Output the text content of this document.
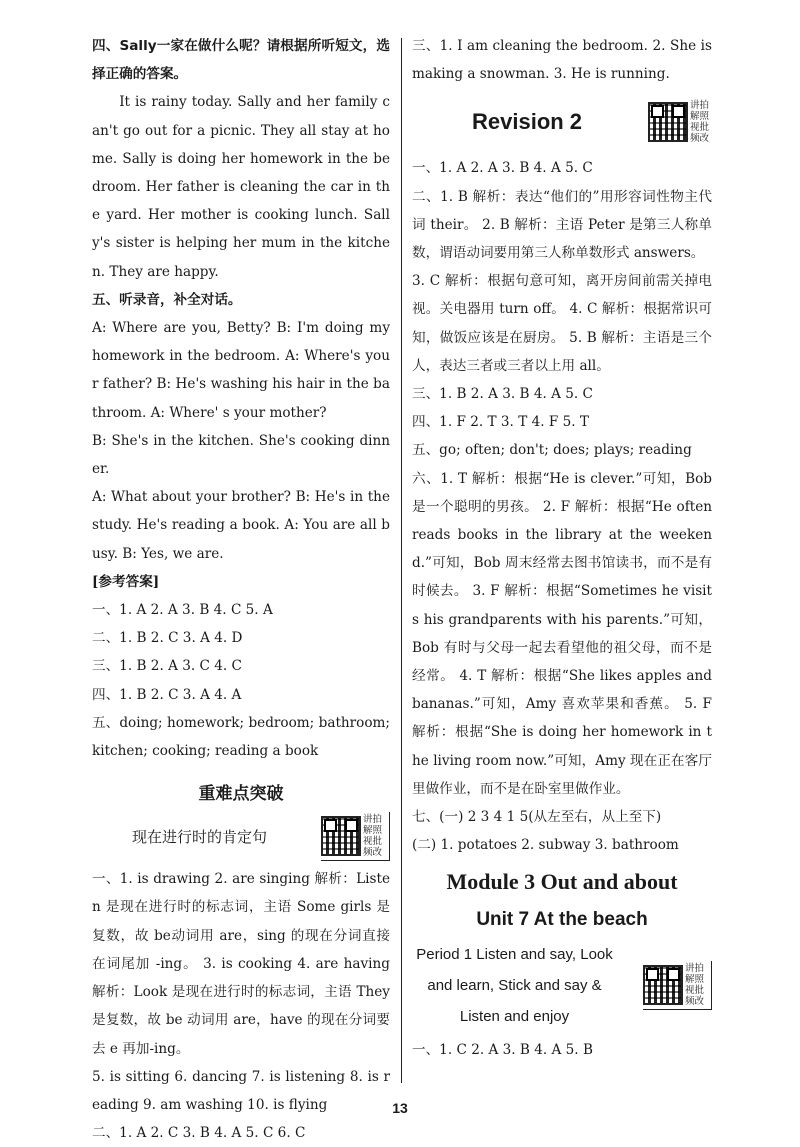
四、Sally一家在做什么呢？请根据所听短文，选择正确的答案。

It is rainy today. Sally and her family can't go out for a picnic. They all stay at home. Sally is doing her homework in the bedroom. Her father is cleaning the car in the yard. Her mother is cooking lunch. Sally's sister is helping her mum in the kitchen. They are happy.

五、听录音，补全对话。

A: Where are you, Betty? B: I'm doing my homework in the bedroom. A: Where's your father? B: He's washing his hair in the bathroom. A: Where' s your mother?

B: She's in the kitchen. She's cooking dinner.

A: What about your brother? B: He's in the study. He's reading a book. A: You are all busy. B: Yes, we are.

[参考答案]

一、1. A 2. A 3. B 4. C 5. A

二、1. B 2. C 3. A 4. D

三、1. B 2. A 3. C 4. C

四、1. B 2. C 3. A 4. A

五、doing; homework; bedroom; bathroom; kitchen; cooking; reading a book

重难点突破
现在进行时的肯定句
讲拍解照视批频改

一、1. is drawing 2. are singing 解析：Listen 是现在进行时的标志词，主语 Some girls 是复数，故 be动词用 are，sing 的现在分词直接在词尾加 -ing。 3. is cooking 4. are having 解析：Look 是现在进行时的标志词，主语 They 是复数，故 be 动词用 are，have 的现在分词要去 e 再加-ing。

5. is sitting 6. dancing 7. is listening 8. is reading 9. am washing 10. is flying

二、1. A 2. C 3. B 4. A 5. C 6. C

三、1. I am cleaning the bedroom. 2. She is making a snowman. 3. He is running.

Revision 2
讲拍解照视批频改

一、1. A 2. A 3. B 4. A 5. C

二、1. B 解析：表达“他们的”用形容词性物主代词 their。 2. B 解析：主语 Peter 是第三人称单数，谓语动词要用第三人称单数形式 answers。

3. C 解析：根据句意可知，离开房间前需关掉电视。关电器用 turn off。 4. C 解析：根据常识可知，做饭应该是在厨房。 5. B 解析：主语是三个人，表达三者或三者以上用 all。

三、1. B 2. A 3. B 4. A 5. C

四、1. F 2. T 3. T 4. F 5. T

五、go; often; don't; does; plays; reading

六、1. T 解析：根据“He is clever.”可知，Bob 是一个聪明的男孩。 2. F 解析：根据“He often reads books in the library at the weekend.”可知，Bob 周末经常去图书馆读书，而不是有时候去。 3. F 解析：根据“Sometimes he visits his grandparents with his parents.”可知，Bob 有时与父母一起去看望他的祖父母，而不是经常。 4. T 解析：根据“She likes apples and bananas.”可知，Amy 喜欢苹果和香蕉。 5. F 解析：根据“She is doing her homework in the living room now.”可知，Amy 现在正在客厅里做作业，而不是在卧室里做作业。

七、(一) 2 3 4 1 5(从左至右，从上至下)

(二) 1. potatoes 2. subway 3. bathroom

Module 3 Out and about
Unit 7 At the beach
Period 1 Listen and say, Look and learn, Stick and say & Listen and enjoy
讲拍解照视批频改

一、1. C 2. A 3. B 4. A 5. B

13
